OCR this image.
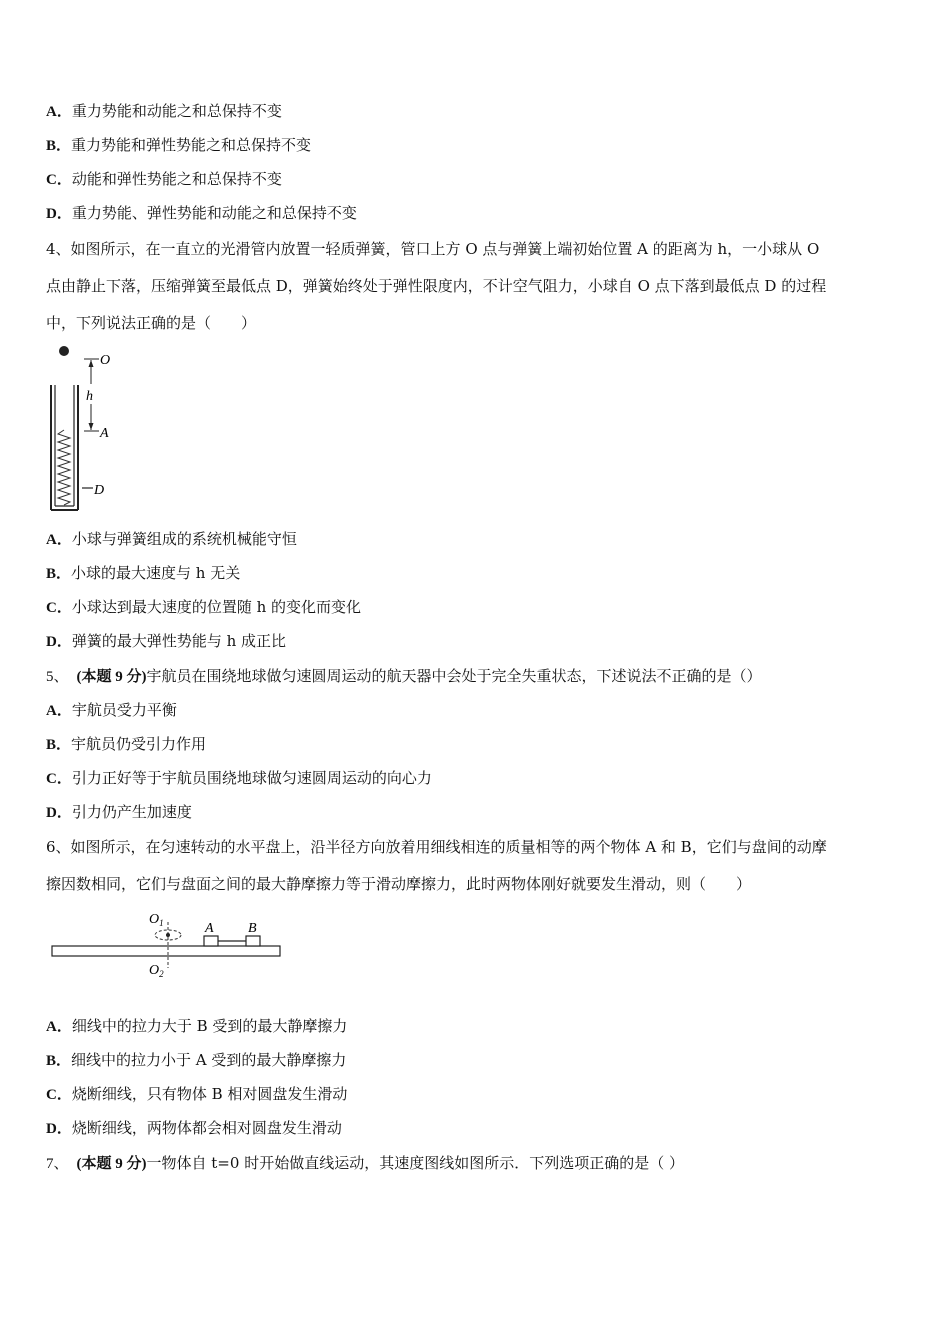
A．重力势能和动能之和总保持不变
B．重力势能和弹性势能之和总保持不变
C．动能和弹性势能之和总保持不变
D．重力势能、弹性势能和动能之和总保持不变
4、如图所示，在一直立的光滑管内放置一轻质弹簧，管口上方 O 点与弹簧上端初始位置 A 的距离为 h，一小球从 O
点由静止下落，压缩弹簧至最低点 D，弹簧始终处于弹性限度内，不计空气阻力，小球自 O 点下落到最低点 D 的过程
中，下列说法正确的是（　　）
O
h
A
D
A．小球与弹簧组成的系统机械能守恒
B．小球的最大速度与 h 无关
C．小球达到最大速度的位置随 h 的变化而变化
D．弹簧的最大弹性势能与 h 成正比
5、 (本题 9 分)宇航员在围绕地球做匀速圆周运动的航天器中会处于完全失重状态，下述说法不正确的是（）
A．宇航员受力平衡
B．宇航员仍受引力作用
C．引力正好等于宇航员围绕地球做匀速圆周运动的向心力
D．引力仍产生加速度
6、如图所示，在匀速转动的水平盘上，沿半径方向放着用细线相连的质量相等的两个物体 A 和 B，它们与盘间的动摩
擦因数相同，它们与盘面之间的最大静摩擦力等于滑动摩擦力，此时两物体刚好就要发生滑动，则（　　）
$O_1$
$O_2$
A B
A．细线中的拉力大于 B 受到的最大静摩擦力
B．细线中的拉力小于 A 受到的最大静摩擦力
C．烧断细线，只有物体 B 相对圆盘发生滑动
D．烧断细线，两物体都会相对圆盘发生滑动
7、 (本题 9 分)一物体自 t=0 时开始做直线运动，其速度图线如图所示．下列选项正确的是（ ）
